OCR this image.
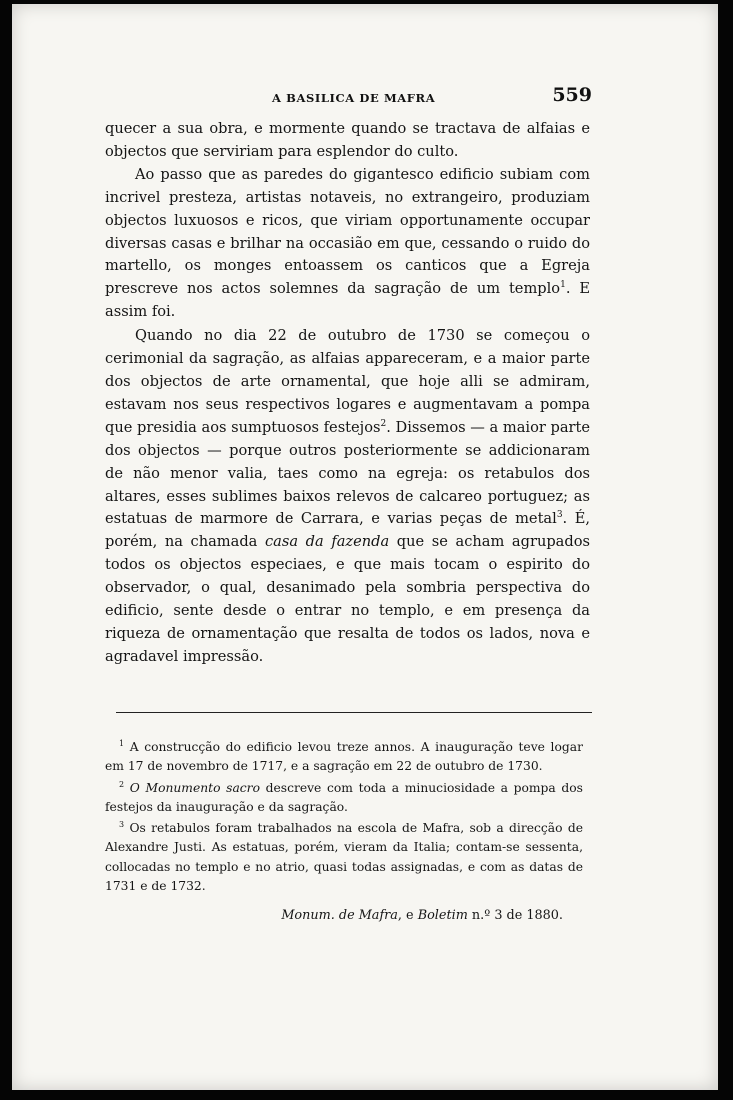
A BASILICA DE MAFRA	559

quecer a sua obra, e mormente quando se tractava de alfaias e objectos que serviriam para esplendor do culto.

Ao passo que as paredes do gigantesco edificio subiam com incrivel presteza, artistas notaveis, no extrangeiro, produziam objectos luxuosos e ricos, que viriam opportunamente occupar diversas casas e brilhar na occasião em que, cessando o ruido do martello, os monges entoassem os canticos que a Egreja prescreve nos actos solemnes da sagração de um templo$^1$. E assim foi.

Quando no dia 22 de outubro de 1730 se começou o cerimonial da sagração, as alfaias appareceram, e a maior parte dos objectos de arte ornamental, que hoje alli se admiram, estavam nos seus respectivos logares e augmentavam a pompa que presidia aos sumptuosos festejos$^2$. Dissemos — a maior parte dos objectos — porque outros posteriormente se addicionaram de não menor valia, taes como na egreja: os retabulos dos altares, esses sublimes baixos relevos de calcareo portuguez; as estatuas de marmore de Carrara, e varias peças de metal$^3$. É, porém, na chamada casa da fazenda que se acham agrupados todos os objectos especiaes, e que mais tocam o espirito do observador, o qual, desanimado pela sombria perspectiva do edificio, sente desde o entrar no templo, e em presença da riqueza de ornamentação que resalta de todos os lados, nova e agradavel impressão.

$^1$ A construcção do edificio levou treze annos. A inauguração teve logar em 17 de novembro de 1717, e a sagração em 22 de outubro de 1730.

$^2$ O Monumento sacro descreve com toda a minuciosidade a pompa dos festejos da inauguração e da sagração.

$^3$ Os retabulos foram trabalhados na escola de Mafra, sob a direcção de Alexandre Justi. As estatuas, porém, vieram da Italia; contam-se sessenta, collocadas no templo e no atrio, quasi todas assignadas, e com as datas de 1731 e de 1732.

Monum. de Mafra, e Boletim n.º 3 de 1880.
